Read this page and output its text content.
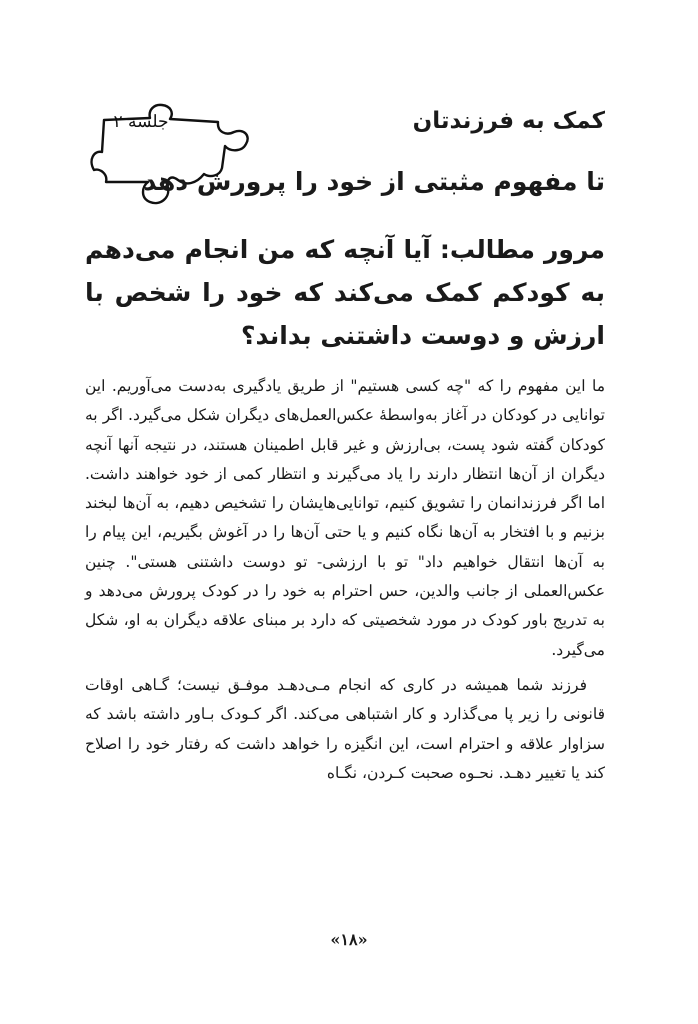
جلسه ۲	کمک به فرزندتان
تا مفهوم مثبتی از خود را پرورش دهد
مرور مطالب: آیا آنچه که من انجام می‌دهم به کودکم کمک می‌کند که خود را شخص با ارزش و دوست داشتنی بداند؟

ما این مفهوم را که "چه کسی هستیم" از طریق یادگیری به‌دست می‌آوریم. این توانایی در کودکان در آغاز به‌واسطهٔ عکس‌العمل‌های دیگران شکل می‌گیرد. اگر به کودکان گفته شود پست، بی‌ارزش و غیر قابل اطمینان هستند، در نتیجه آنها آنچه دیگران از آن‌ها انتظار دارند را یاد می‌گیرند و انتظار کمی از خود خواهند داشت. اما اگر فرزندانمان را تشویق کنیم، توانایی‌هایشان را تشخیص دهیم، به آن‌ها لبخند بزنیم و با افتخار به آن‌ها نگاه کنیم و یا حتی آن‌ها را در آغوش بگیریم، این پیام را به آن‌ها انتقال خواهیم داد" تو با ارزشی- تو دوست داشتنی هستی". چنین عکس‌العملی از جانب والدین، حس احترام به خود را در کودک پرورش می‌دهد و به تدریج باور کودک در مورد شخصیتی که دارد بر مبنای علاقه دیگران به او، شکل می‌گیرد.

فرزند شما همیشه در کاری که انجام مـی‌دهـد موفـق نیست؛ گـاهی اوقات قانونی را زیر پا می‌گذارد و کار اشتباهی می‌کند. اگر کـودک بـاور داشته باشد که سزاوار علاقه و احترام است، این انگیزه را خواهد داشت که رفتار خود را اصلاح کند یا تغییر دهـد. نحـوه صحبت کـردن، نگـاه

«۱۸»
